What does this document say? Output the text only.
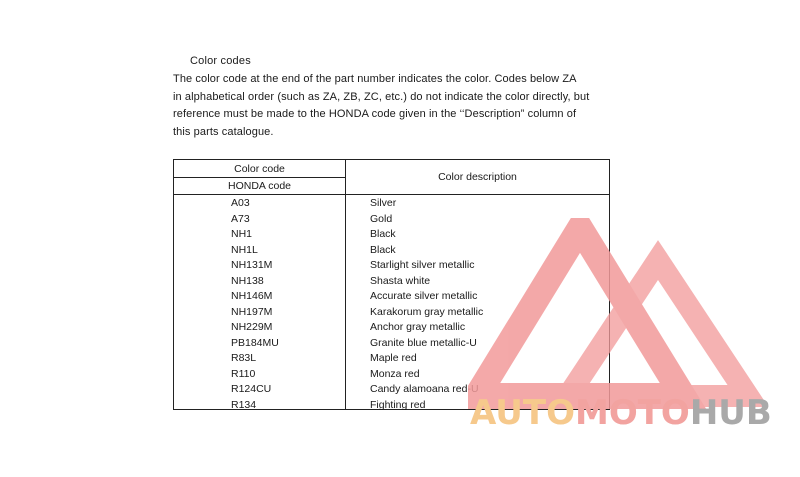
Color codes

The color code at the end of the part number indicates the color. Codes below ZA

in alphabetical order (such as ZA, ZB, ZC, etc.) do not indicate the color directly, but

reference must be made to the HONDA code given in the ‘‘Description” column of

this parts catalogue.

Color code
HONDA code
Color description
A03	Silver
A73	Gold
NH1	Black
NH1L	Black
NH131M	Starlight silver metallic
NH138	Shasta white
NH146M	Accurate silver metallic
NH197M	Karakorum gray metallic
NH229M	Anchor gray metallic
PB184MU	Granite blue metallic-U
R83L	Maple red
R110	Monza red
R124CU	Candy alamoana red-U
R134	Fighting red AUTOMOTOHUB
